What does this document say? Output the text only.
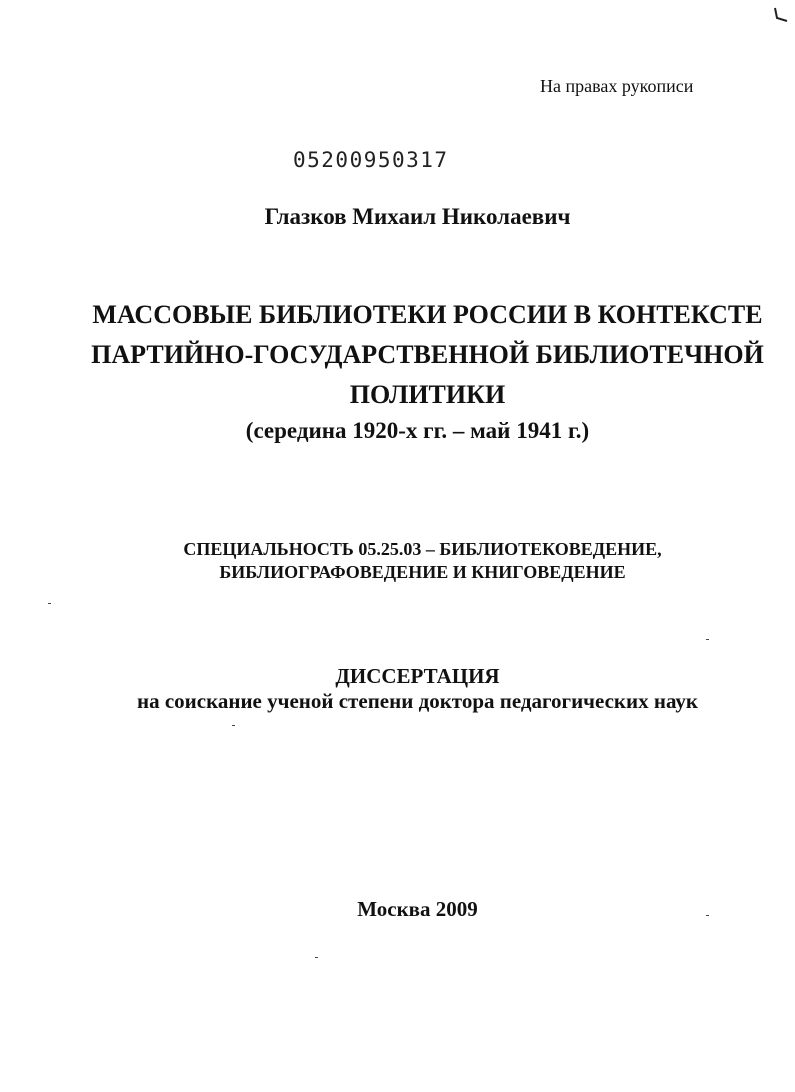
На правах рукописи
05200950317
Глазков Михаил Николаевич
МАССОВЫЕ БИБЛИОТЕКИ РОССИИ В КОНТЕКСТЕ
ПАРТИЙНО-ГОСУДАРСТВЕННОЙ БИБЛИОТЕЧНОЙ
ПОЛИТИКИ
(середина 1920-х гг. – май 1941 г.)
СПЕЦИАЛЬНОСТЬ 05.25.03 – БИБЛИОТЕКОВЕДЕНИЕ,
БИБЛИОГРАФОВЕДЕНИЕ И КНИГОВЕДЕНИЕ
ДИССЕРТАЦИЯ
на соискание ученой степени доктора педагогических наук
Москва 2009
